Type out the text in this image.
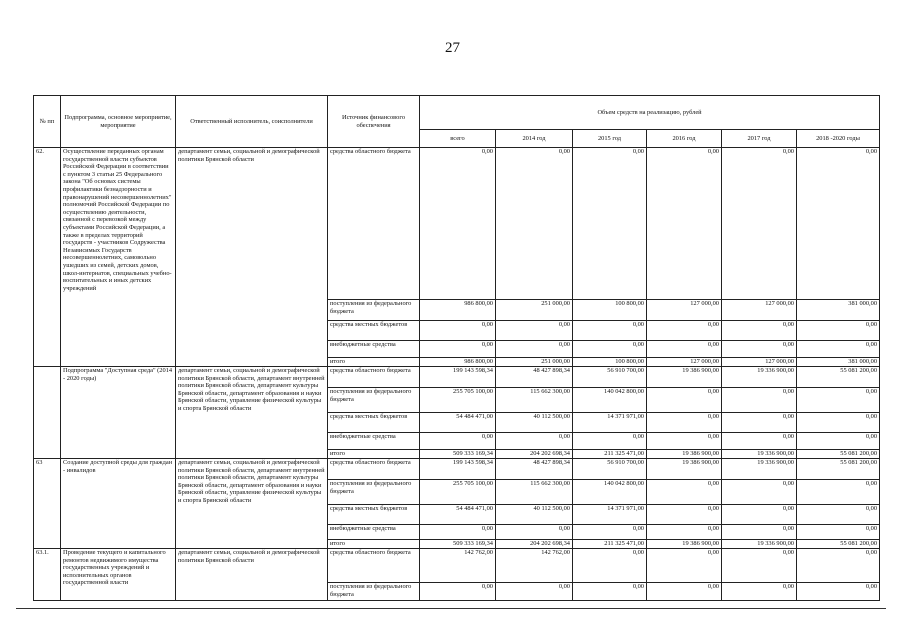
27
№ пп	Подпрограмма, основное мероприятие, мероприятие	Ответственный исполнитель, соисполнители	Источник финансового обеспечения	Объем средств на реализацию, рублей					
				всего	2014 год	2015 год	2016 год	2017 год	2018 -2020 годы
62.	Осуществление переданных органам государственной власти субъектов Российской Федерации в соответствии с пунктом 3 статьи 25 Федерального закона "Об основах системы профилактики безнадзорности и правонарушений несовершеннолетних" полномочий Российской Федерации по осуществлению деятельности, связанной с перевозкой между субъектами Российской Федерации, а также в пределах территорий государств - участников Содружества Независимых Государств несовершеннолетних, самовольно ушедших из семей, детских домов, школ-интернатов, специальных учебно-воспитательных и иных детских учреждений	департамент семьи, социальной и демографической политики Брянской области	средства областного бюджета	0,00	0,00	0,00	0,00	0,00	0,00
			поступления из федерального бюджета	986 800,00	251 000,00	100 800,00	127 000,00	127 000,00	381 000,00
			средства местных бюджетов	0,00	0,00	0,00	0,00	0,00	0,00
			внебюджетные средства	0,00	0,00	0,00	0,00	0,00	0,00
			итого	986 800,00	251 000,00	100 800,00	127 000,00	127 000,00	381 000,00
	Подпрограмма "Доступная среда" (2014 - 2020 годы)	департамент семьи, социальной и демографической политики Брянской области, департамент внутренней политики Брянской области, департамент культуры Брянской области, департамент образования и науки Брянской области, управление физической культуры и спорта Брянской области	средства областного бюджета	199 143 598,34	48 427 898,34	56 910 700,00	19 386 900,00	19 336 900,00	55 081 200,00
			поступления из федерального бюджета	255 705 100,00	115 662 300,00	140 042 800,00	0,00	0,00	0,00
			средства местных бюджетов	54 484 471,00	40 112 500,00	14 371 971,00	0,00	0,00	0,00
			внебюджетные средства	0,00	0,00	0,00	0,00	0,00	0,00
			итого	509 333 169,34	204 202 698,34	211 325 471,00	19 386 900,00	19 336 900,00	55 081 200,00
63	Создание доступной среды для граждан - инвалидов	департамент семьи, социальной и демографической политики Брянской области, департамент внутренней политики Брянской области, департамент культуры Брянской области, департамент образования и науки Брянской области, управление физической культуры и спорта Брянской области	средства областного бюджета	199 143 598,34	48 427 898,34	56 910 700,00	19 386 900,00	19 336 900,00	55 081 200,00
			поступления из федерального бюджета	255 705 100,00	115 662 300,00	140 042 800,00	0,00	0,00	0,00
			средства местных бюджетов	54 484 471,00	40 112 500,00	14 371 971,00	0,00	0,00	0,00
			внебюджетные средства	0,00	0,00	0,00	0,00	0,00	0,00
			итого	509 333 169,34	204 202 698,34	211 325 471,00	19 386 900,00	19 336 900,00	55 081 200,00
63.1.	Проведение текущего и капитального ремонтов недвижимого имущества государственных учреждений и исполнительных органов государственной власти	департамент семьи, социальной и демографической политики Брянской области	средства областного бюджета	142 762,00	142 762,00	0,00	0,00	0,00	0,00
			поступления из федерального бюджета	0,00	0,00	0,00	0,00	0,00	0,00
